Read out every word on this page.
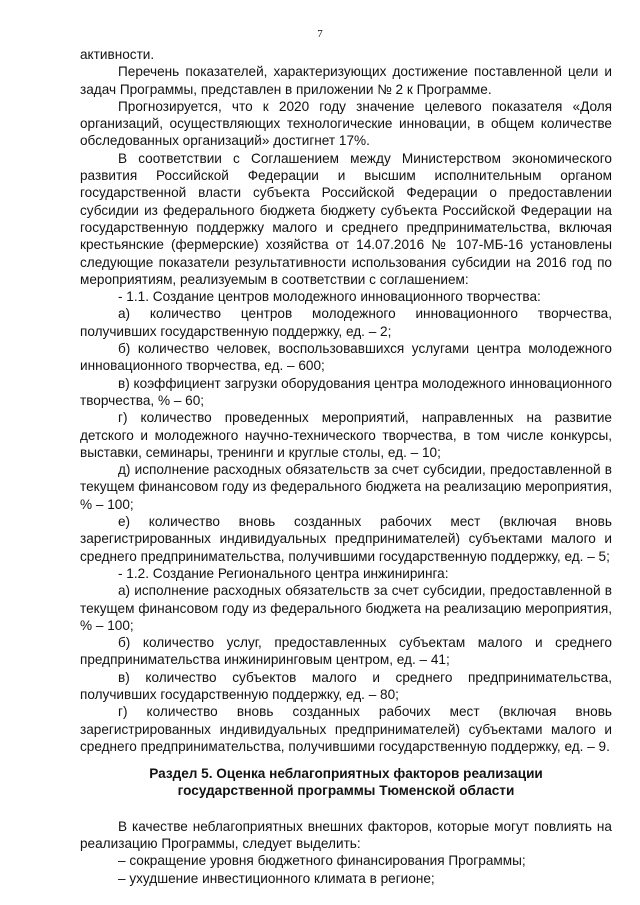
7

активности.

Перечень показателей, характеризующих достижение поставленной цели и задач Программы, представлен в приложении № 2 к Программе.

Прогнозируется, что к 2020 году значение целевого показателя «Доля организаций, осуществляющих технологические инновации, в общем количестве обследованных организаций» достигнет 17%.

В соответствии с Соглашением между Министерством экономического развития Российской Федерации и высшим исполнительным органом государственной власти субъекта Российской Федерации о предоставлении субсидии из федерального бюджета бюджету субъекта Российской Федерации на государственную поддержку малого и среднего предпринимательства, включая крестьянские (фермерские) хозяйства от 14.07.2016 № 107-МБ-16 установлены следующие показатели результативности использования субсидии на 2016 год по мероприятиям, реализуемым в соответствии с соглашением:

- 1.1. Создание центров молодежного инновационного творчества:

а) количество центров молодежного инновационного творчества, получивших государственную поддержку, ед. – 2;

б) количество человек, воспользовавшихся услугами центра молодежного инновационного творчества, ед. – 600;

в) коэффициент загрузки оборудования центра молодежного инновационного творчества, % – 60;

г) количество проведенных мероприятий, направленных на развитие детского и молодежного научно-технического творчества, в том числе конкурсы, выставки, семинары, тренинги и круглые столы, ед. – 10;

д) исполнение расходных обязательств за счет субсидии, предоставленной в текущем финансовом году из федерального бюджета на реализацию мероприятия, % – 100;

е) количество вновь созданных рабочих мест (включая вновь зарегистрированных индивидуальных предпринимателей) субъектами малого и среднего предпринимательства, получившими государственную поддержку, ед. – 5;

- 1.2. Создание Регионального центра инжиниринга:

а) исполнение расходных обязательств за счет субсидии, предоставленной в текущем финансовом году из федерального бюджета на реализацию мероприятия, % – 100;

б) количество услуг, предоставленных субъектам малого и среднего предпринимательства инжиниринговым центром, ед. – 41;

в) количество субъектов малого и среднего предпринимательства, получивших государственную поддержку, ед. – 80;

г) количество вновь созданных рабочих мест (включая вновь зарегистрированных индивидуальных предпринимателей) субъектами малого и среднего предпринимательства, получившими государственную поддержку, ед. – 9.

Раздел 5. Оценка неблагоприятных факторов реализации государственной программы Тюменской области

В качестве неблагоприятных внешних факторов, которые могут повлиять на реализацию Программы, следует выделить:

– сокращение уровня бюджетного финансирования Программы;

– ухудшение инвестиционного климата в регионе;
